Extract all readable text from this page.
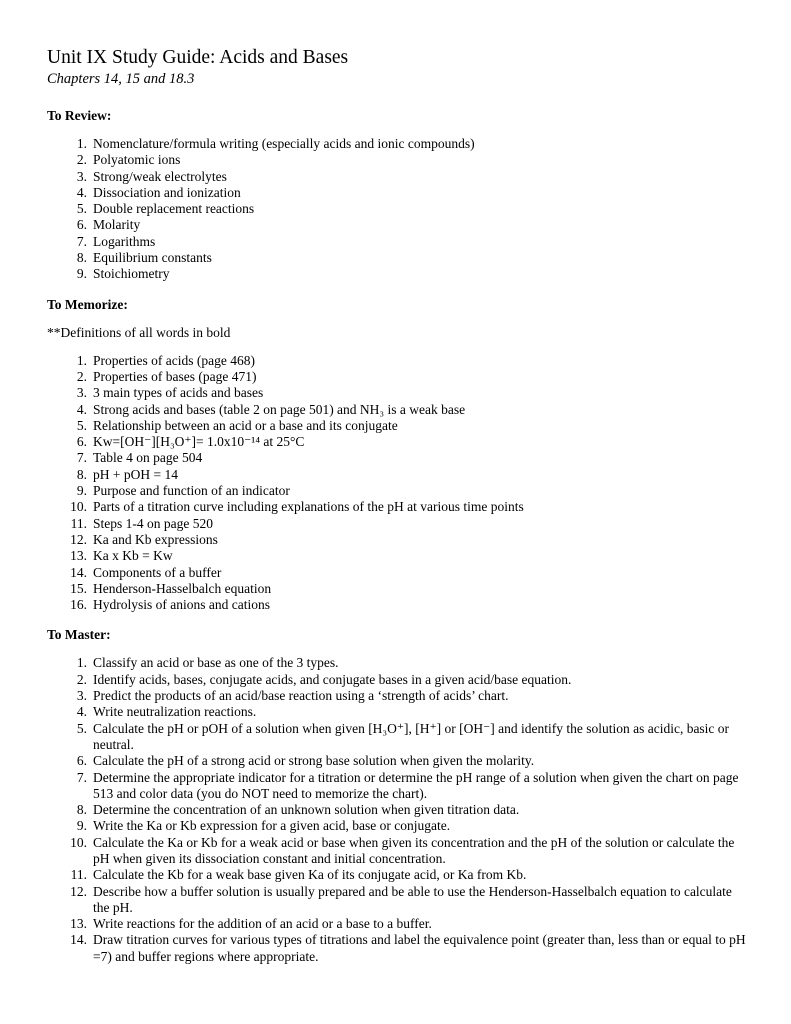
Unit IX Study Guide: Acids and Bases
Chapters 14, 15 and 18.3
To Review:
1. Nomenclature/formula writing (especially acids and ionic compounds)
2. Polyatomic ions
3. Strong/weak electrolytes
4. Dissociation and ionization
5. Double replacement reactions
6. Molarity
7. Logarithms
8. Equilibrium constants
9. Stoichiometry
To Memorize:
**Definitions of all words in bold
1. Properties of acids (page 468)
2. Properties of bases (page 471)
3. 3 main types of acids and bases
4. Strong acids and bases (table 2 on page 501) and NH₃ is a weak base
5. Relationship between an acid or a base and its conjugate
6. Kw=[OH⁻][H₃O⁺]= 1.0x10⁻¹⁴ at 25°C
7. Table 4 on page 504
8. pH + pOH = 14
9. Purpose and function of an indicator
10. Parts of a titration curve including explanations of the pH at various time points
11. Steps 1-4 on page 520
12. Ka and Kb expressions
13. Ka x Kb = Kw
14. Components of a buffer
15. Henderson-Hasselbalch equation
16. Hydrolysis of anions and cations
To Master:
1. Classify an acid or base as one of the 3 types.
2. Identify acids, bases, conjugate acids, and conjugate bases in a given acid/base equation.
3. Predict the products of an acid/base reaction using a ‘strength of acids’ chart.
4. Write neutralization reactions.
5. Calculate the pH or pOH of a solution when given [H₃O⁺], [H⁺] or [OH⁻] and identify the solution as acidic, basic or neutral.
6. Calculate the pH of a strong acid or strong base solution when given the molarity.
7. Determine the appropriate indicator for a titration or determine the pH range of a solution when given the chart on page 513 and color data (you do NOT need to memorize the chart).
8. Determine the concentration of an unknown solution when given titration data.
9. Write the Ka or Kb expression for a given acid, base or conjugate.
10. Calculate the Ka or Kb for a weak acid or base when given its concentration and the pH of the solution or calculate the pH when given its dissociation constant and initial concentration.
11. Calculate the Kb for a weak base given Ka of its conjugate acid, or Ka from Kb.
12. Describe how a buffer solution is usually prepared and be able to use the Henderson-Hasselbalch equation to calculate the pH.
13. Write reactions for the addition of an acid or a base to a buffer.
14. Draw titration curves for various types of titrations and label the equivalence point (greater than, less than or equal to pH =7) and buffer regions where appropriate.
